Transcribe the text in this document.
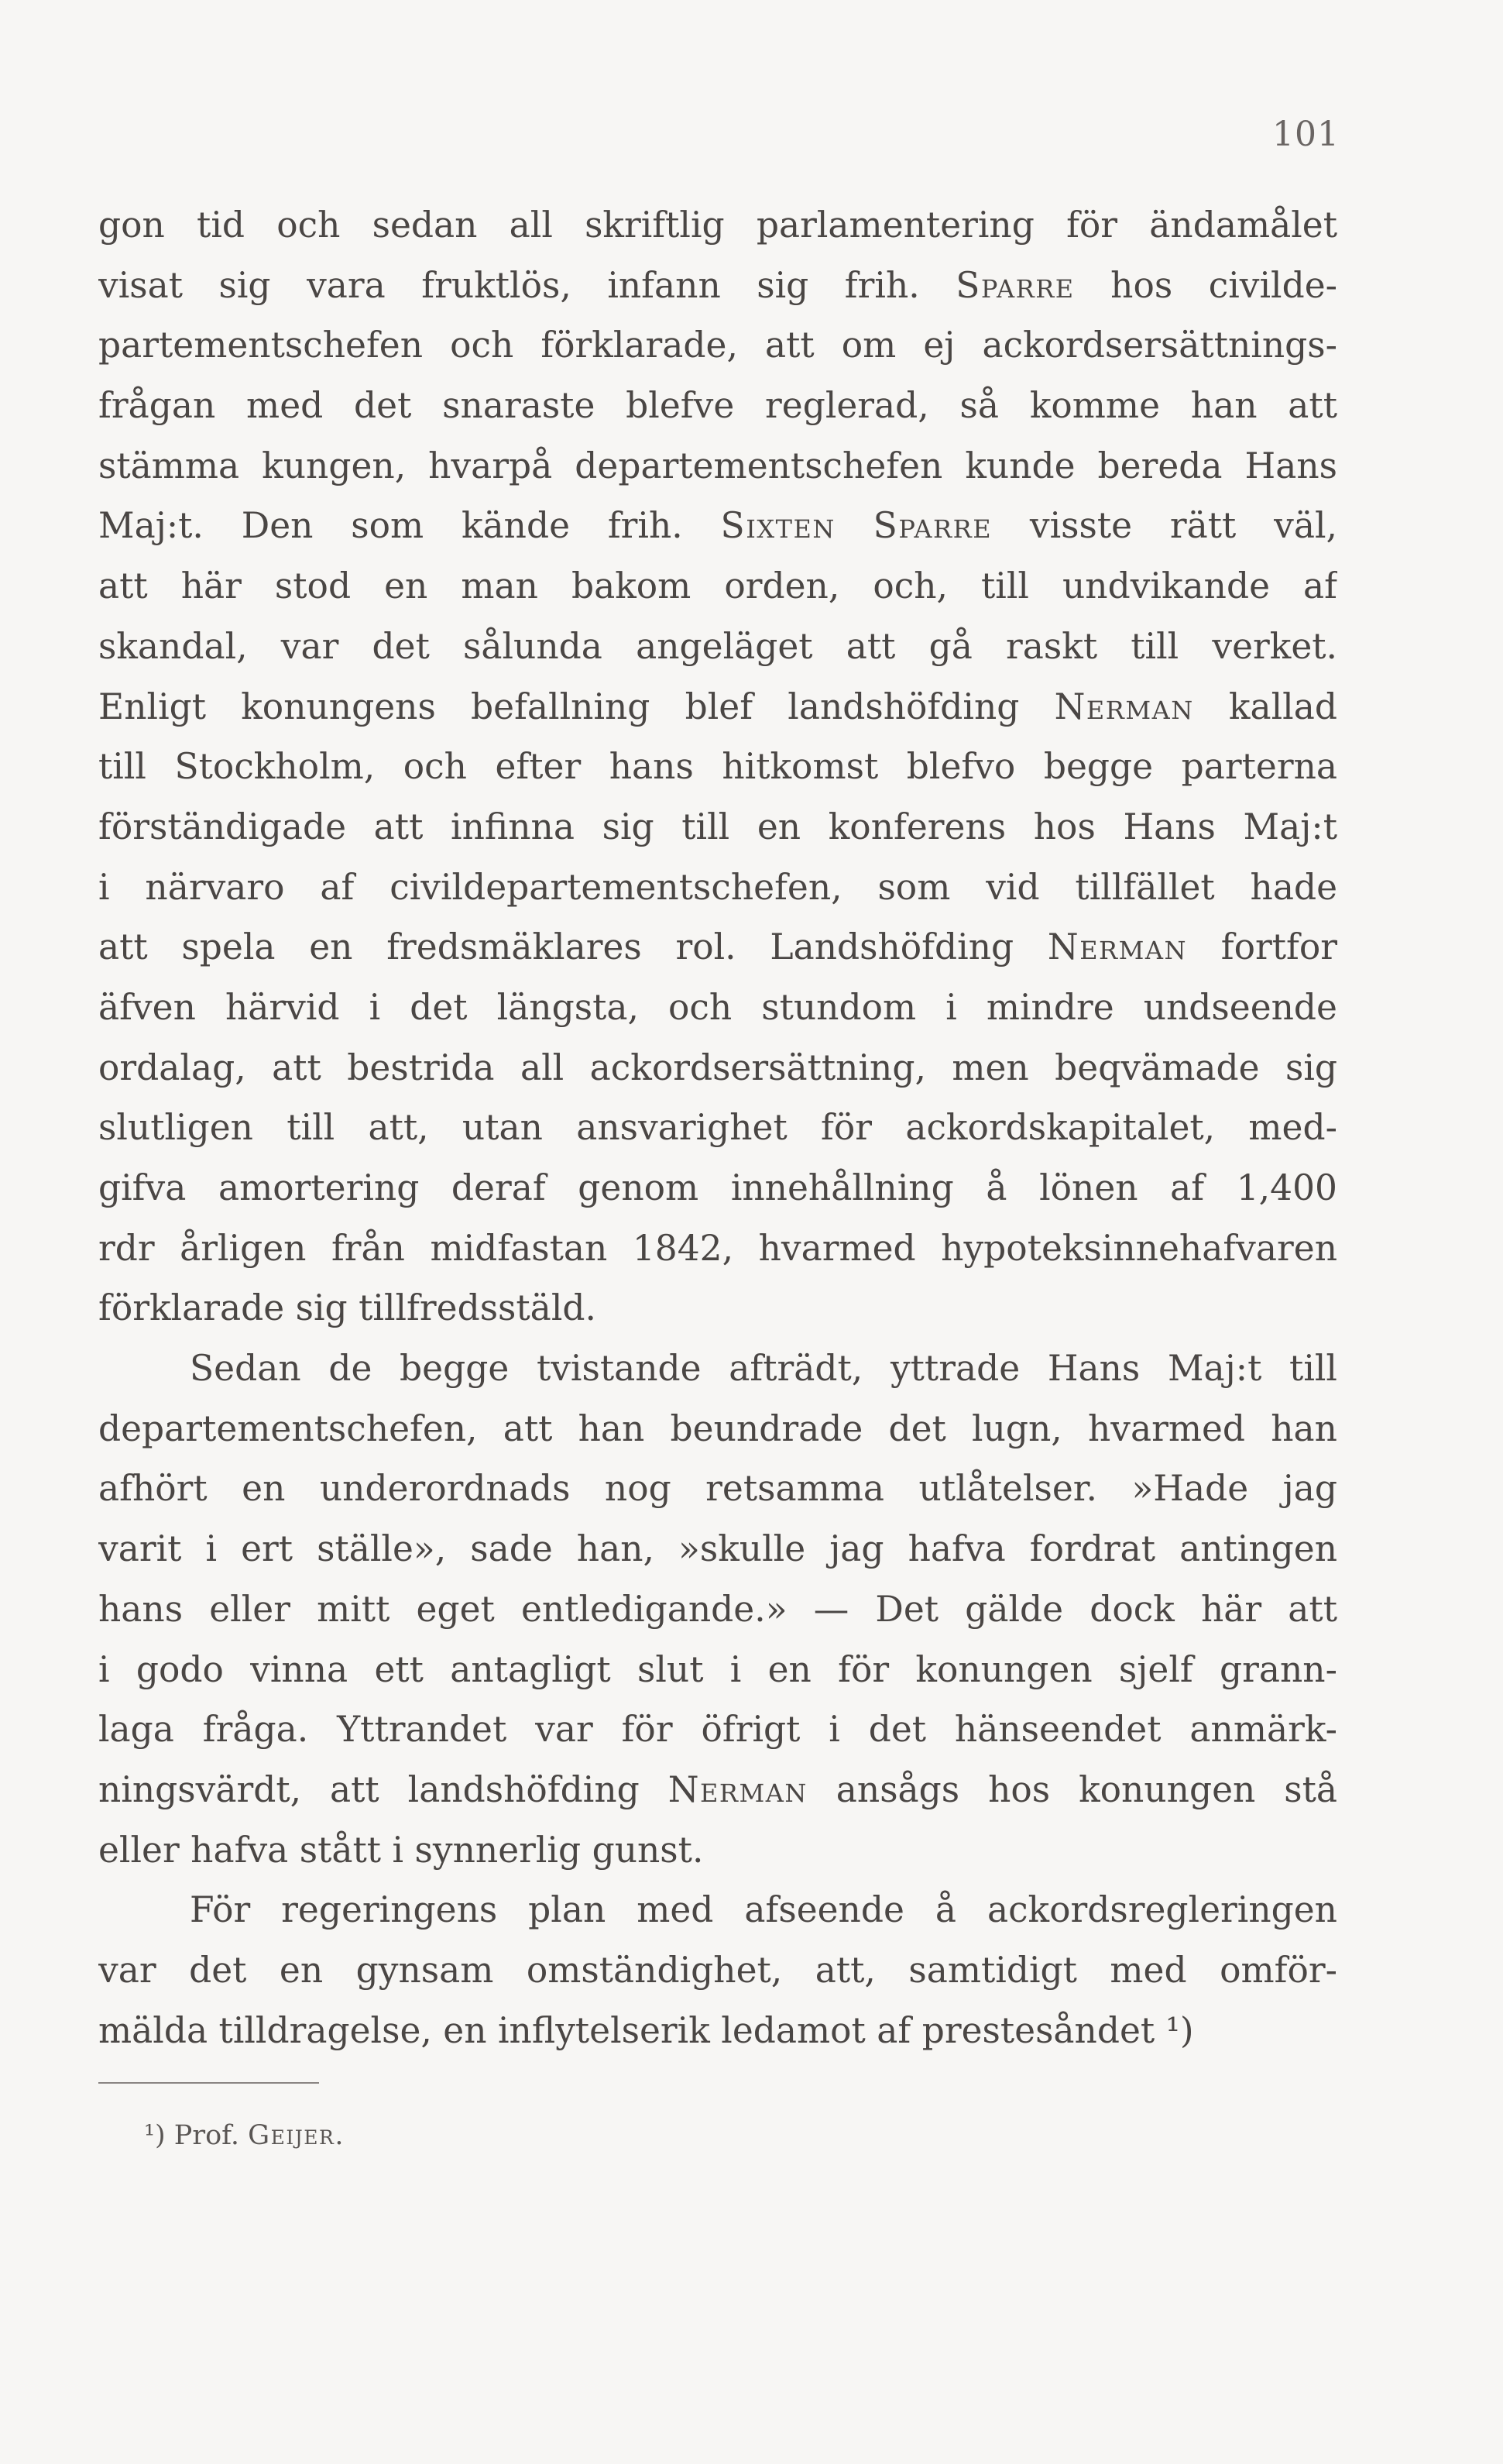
101
gon tid och sedan all skriftlig parlamentering för ändamålet
visat sig vara fruktlös, infann sig frih. Sparre hos civilde-
partementschefen och förklarade, att om ej ackordsersättnings-
frågan med det snaraste blefve reglerad, så komme han att
stämma kungen, hvarpå departementschefen kunde bereda Hans
Maj:t. Den som kände frih. Sixten Sparre visste rätt väl,
att här stod en man bakom orden, och, till undvikande af
skandal, var det sålunda angeläget att gå raskt till verket.
Enligt konungens befallning blef landshöfding Nerman kallad
till Stockholm, och efter hans hitkomst blefvo begge parterna
förständigade att infinna sig till en konferens hos Hans Maj:t
i närvaro af civildepartementschefen, som vid tillfället hade
att spela en fredsmäklares rol. Landshöfding Nerman fortfor
äfven härvid i det längsta, och stundom i mindre undseende
ordalag, att bestrida all ackordsersättning, men beqvämade sig
slutligen till att, utan ansvarighet för ackordskapitalet, med-
gifva amortering deraf genom innehållning å lönen af 1,400
rdr årligen från midfastan 1842, hvarmed hypoteksinnehafvaren
förklarade sig tillfredsstäld.
Sedan de begge tvistande afträdt, yttrade Hans Maj:t till
departementschefen, att han beundrade det lugn, hvarmed han
afhört en underordnads nog retsamma utlåtelser. »Hade jag
varit i ert ställe», sade han, »skulle jag hafva fordrat antingen
hans eller mitt eget entledigande.» — Det gälde dock här att
i godo vinna ett antagligt slut i en för konungen sjelf grann-
laga fråga. Yttrandet var för öfrigt i det hänseendet anmärk-
ningsvärdt, att landshöfding Nerman ansågs hos konungen stå
eller hafva stått i synnerlig gunst.
För regeringens plan med afseende å ackordsregleringen
var det en gynsam omständighet, att, samtidigt med omför-
mälda tilldragelse, en inflytelserik ledamot af prestesåndet ¹)
¹) Prof. Geijer.
